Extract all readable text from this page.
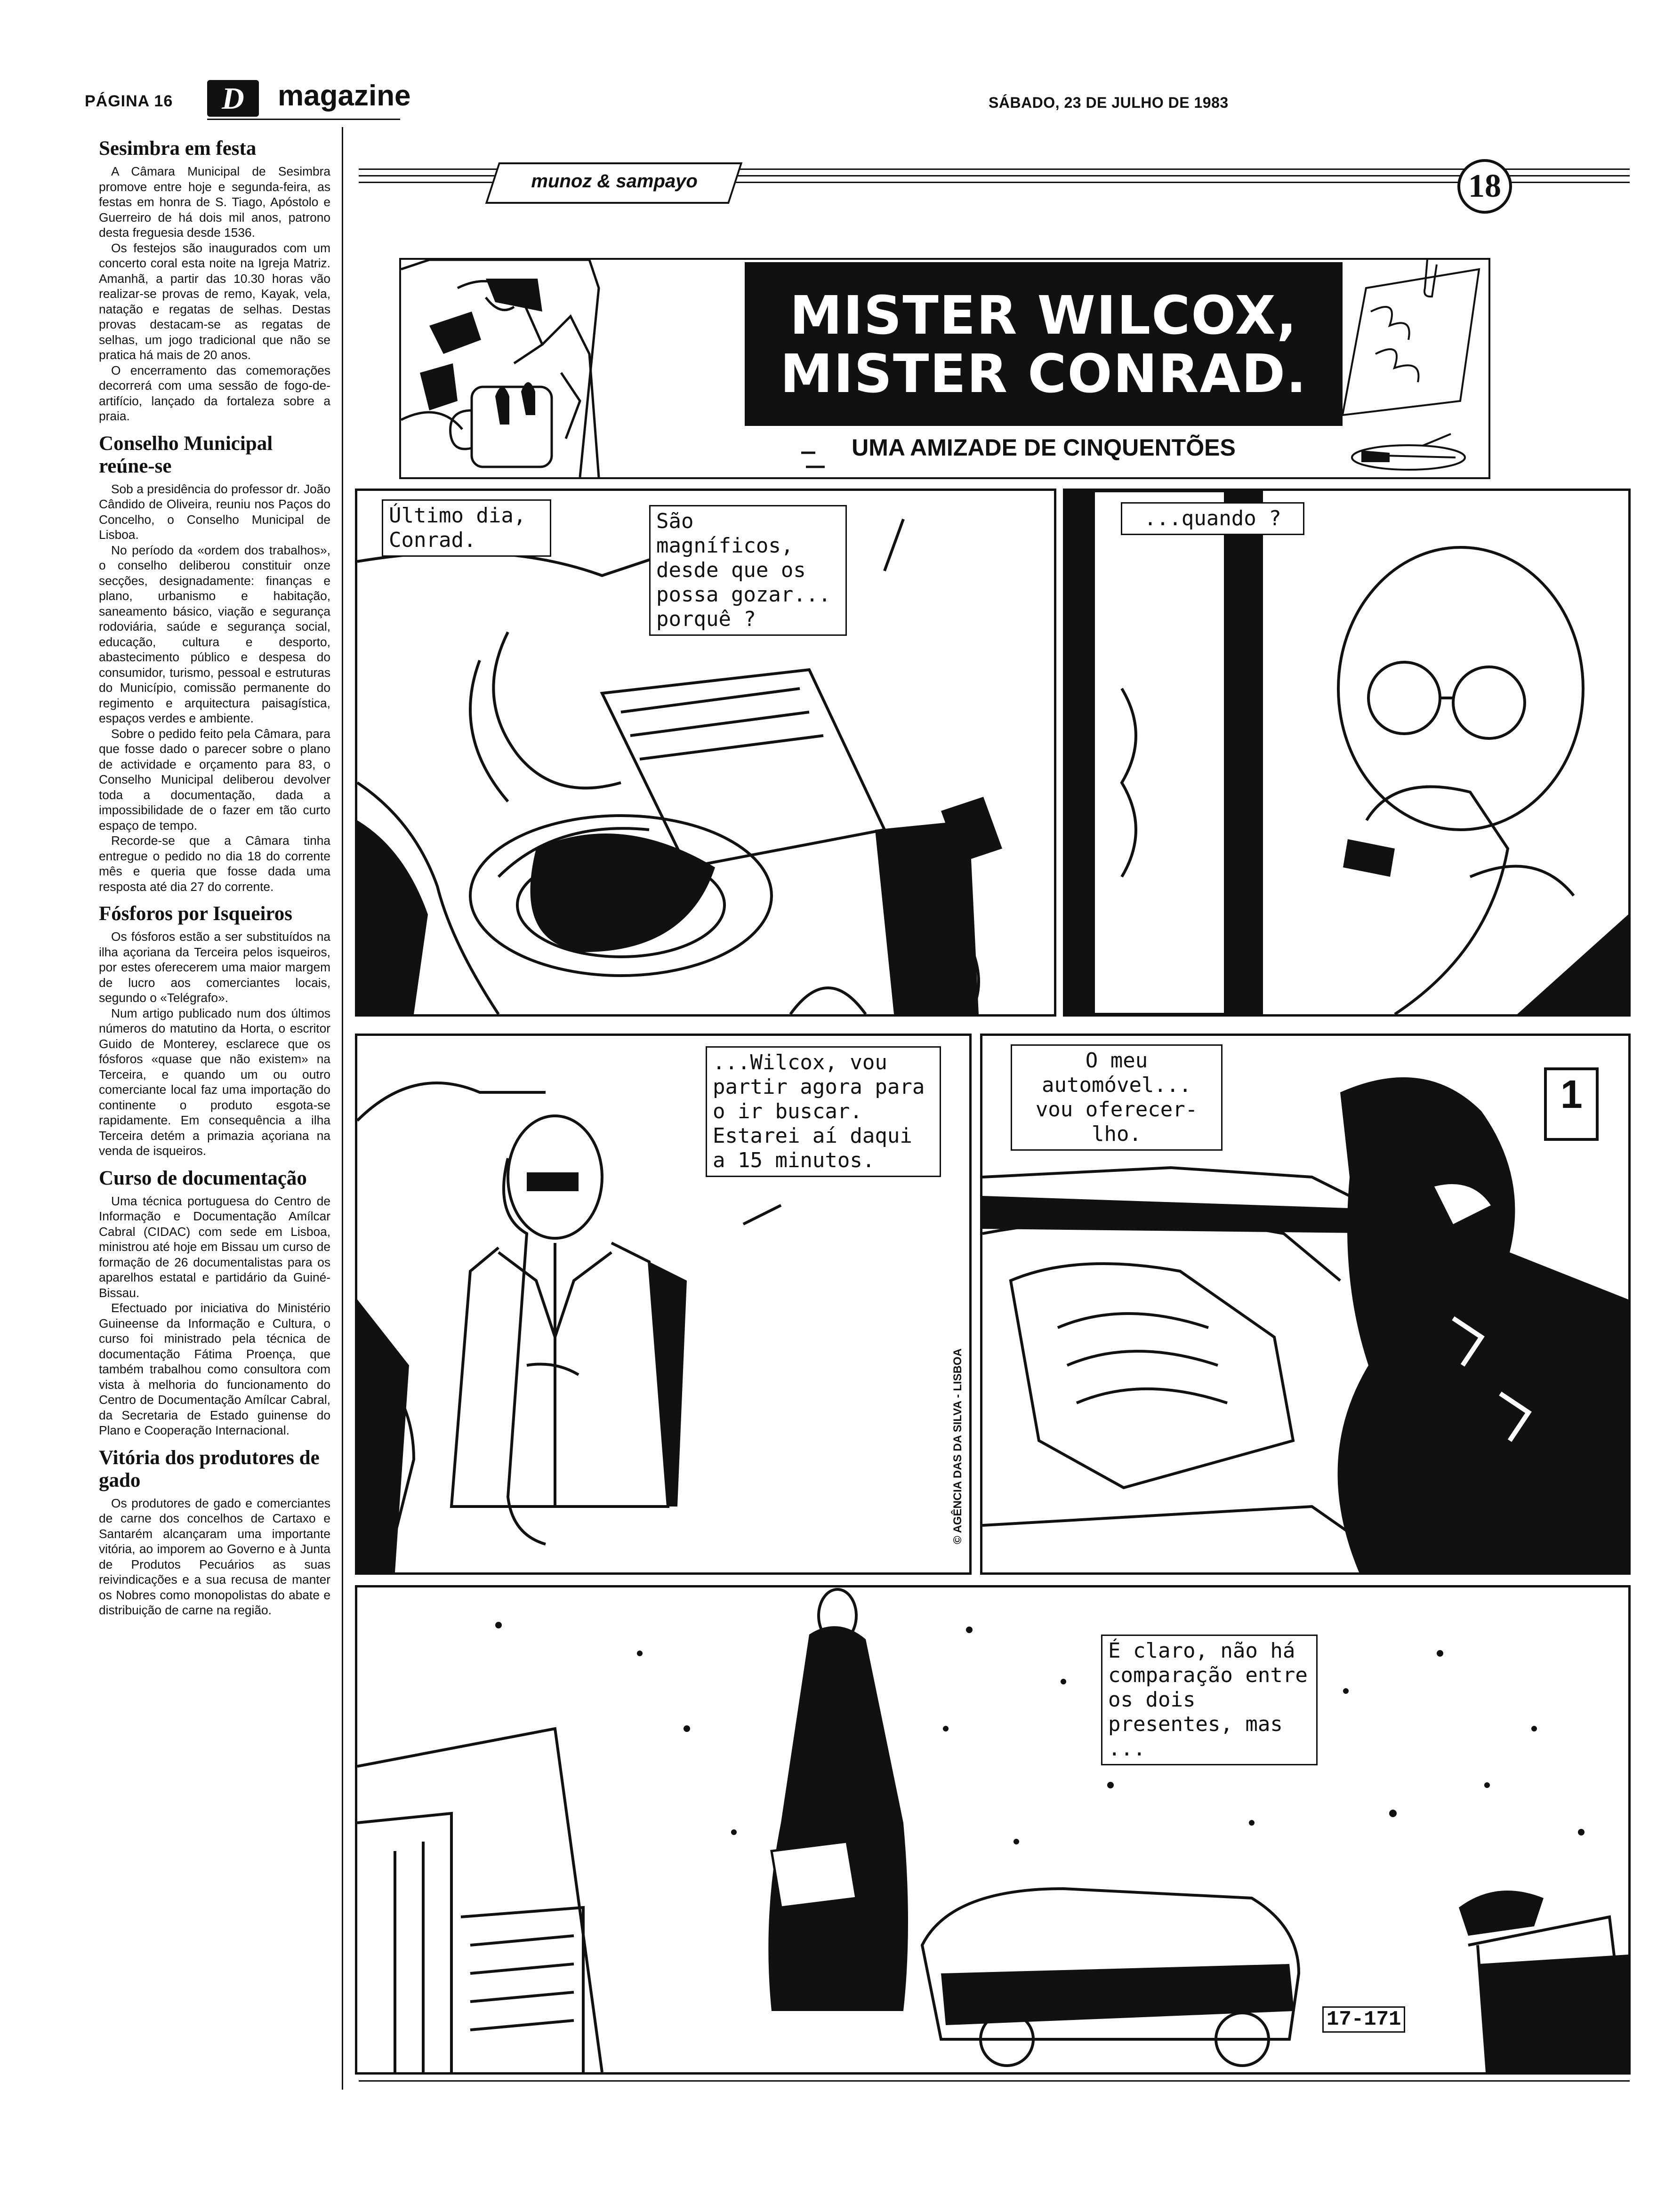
PÁGINA 16	D	magazine	SÁBADO, 23 DE JULHO DE 1983
Sesimbra em festa

A Câmara Municipal de Sesimbra promove entre hoje e segunda-feira, as festas em honra de S. Tiago, Apóstolo e Guerreiro de há dois mil anos, patrono desta freguesia desde 1536.

Os festejos são inaugurados com um concerto coral esta noite na Igreja Matriz. Amanhã, a partir das 10.30 horas vão realizar-se provas de remo, Kayak, vela, natação e regatas de selhas. Destas provas destacam-se as regatas de selhas, um jogo tradicional que não se pratica há mais de 20 anos.

O encerramento das comemorações decorrerá com uma sessão de fogo-de-artifício, lançado da fortaleza sobre a praia.

Conselho Municipal reúne-se

Sob a presidência do professor dr. João Cândido de Oliveira, reuniu nos Paços do Concelho, o Conselho Municipal de Lisboa.

No período da «ordem dos trabalhos», o conselho deliberou constituir onze secções, designadamente: finanças e plano, urbanismo e habitação, saneamento básico, viação e segurança rodoviária, saúde e segurança social, educação, cultura e desporto, abastecimento público e despesa do consumidor, turismo, pessoal e estruturas do Município, comissão permanente do regimento e arquitectura paisagística, espaços verdes e ambiente.

Sobre o pedido feito pela Câmara, para que fosse dado o parecer sobre o plano de actividade e orçamento para 83, o Conselho Municipal deliberou devolver toda a documentação, dada a impossibilidade de o fazer em tão curto espaço de tempo.

Recorde-se que a Câmara tinha entregue o pedido no dia 18 do corrente mês e queria que fosse dada uma resposta até dia 27 do corrente.

Fósforos por Isqueiros

Os fósforos estão a ser substituídos na ilha açoriana da Terceira pelos isqueiros, por estes oferecerem uma maior margem de lucro aos comerciantes locais, segundo o «Telégrafo».

Num artigo publicado num dos últimos números do matutino da Horta, o escritor Guido de Monterey, esclarece que os fósforos «quase que não existem» na Terceira, e quando um ou outro comerciante local faz uma importação do continente o produto esgota-se rapidamente. Em consequência a ilha Terceira detém a primazia açoriana na venda de isqueiros.

Curso de documentação

Uma técnica portuguesa do Centro de Informação e Documentação Amílcar Cabral (CIDAC) com sede em Lisboa, ministrou até hoje em Bissau um curso de formação de 26 documentalistas para os aparelhos estatal e partidário da Guiné-Bissau.

Efectuado por iniciativa do Ministério Guineense da Informação e Cultura, o curso foi ministrado pela técnica de documentação Fátima Proença, que também trabalhou como consultora com vista à melhoria do funcionamento do Centro de Documentação Amílcar Cabral, da Secretaria de Estado guinense do Plano e Cooperação Internacional.

Vitória dos produtores de gado

Os produtores de gado e comerciantes de carne dos concelhos de Cartaxo e Santarém alcançaram uma importante vitória, ao imporem ao Governo e à Junta de Produtos Pecuários as suas reivindicações e a sua recusa de manter os Nobres como monopolistas do abate e distribuição de carne na região.

munoz & sampayo	18
MISTER WILCOX,
MISTER CONRAD.
UMA AMIZADE DE CINQUENTÕES
Último dia, Conrad.
São magníficos, desde que os possa gozar... porquê ?
...quando ?
...Wilcox, vou partir agora para o ir buscar. Estarei aí daqui a 15 minutos.
© AGÊNCIA DAS DA SILVA - LISBOA
O meu automóvel... vou oferecer-lho.
1
É claro, não há comparação entre os dois presentes, mas ...
17-171
